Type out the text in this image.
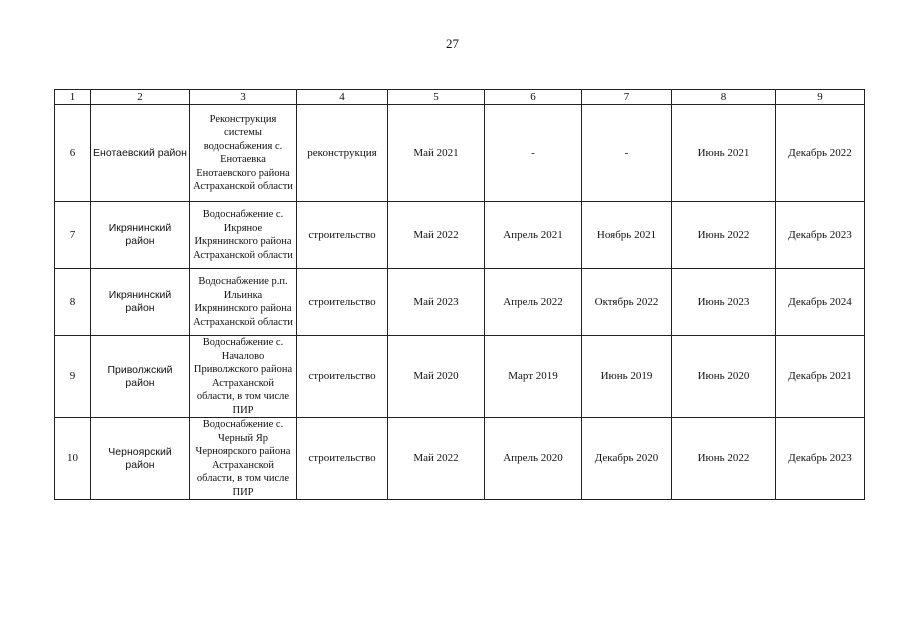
27
1	2	3	4	5	6	7	8	9
6	Енотаевский район	Реконструкция системы водоснабжения с. Енотаевка Енотаевского района Астраханской области	реконструкция	Май 2021	-	-	Июнь 2021	Декабрь 2022
7	Икрянинский район	Водоснабжение с. Икряное Икрянинского района Астраханской области	строительство	Май 2022	Апрель 2021	Ноябрь 2021	Июнь 2022	Декабрь 2023
8	Икрянинский район	Водоснабжение р.п. Ильинка Икрянинского района Астраханской области	строительство	Май 2023	Апрель 2022	Октябрь 2022	Июнь 2023	Декабрь 2024
9	Приволжский район	Водоснабжение с. Началово Приволжского района Астраханской области, в том числе ПИР	строительство	Май 2020	Март 2019	Июнь 2019	Июнь 2020	Декабрь 2021
10	Черноярский район	Водоснабжение с. Черный Яр Черноярского района Астраханской области, в том числе ПИР	строительство	Май 2022	Апрель 2020	Декабрь 2020	Июнь 2022	Декабрь 2023
